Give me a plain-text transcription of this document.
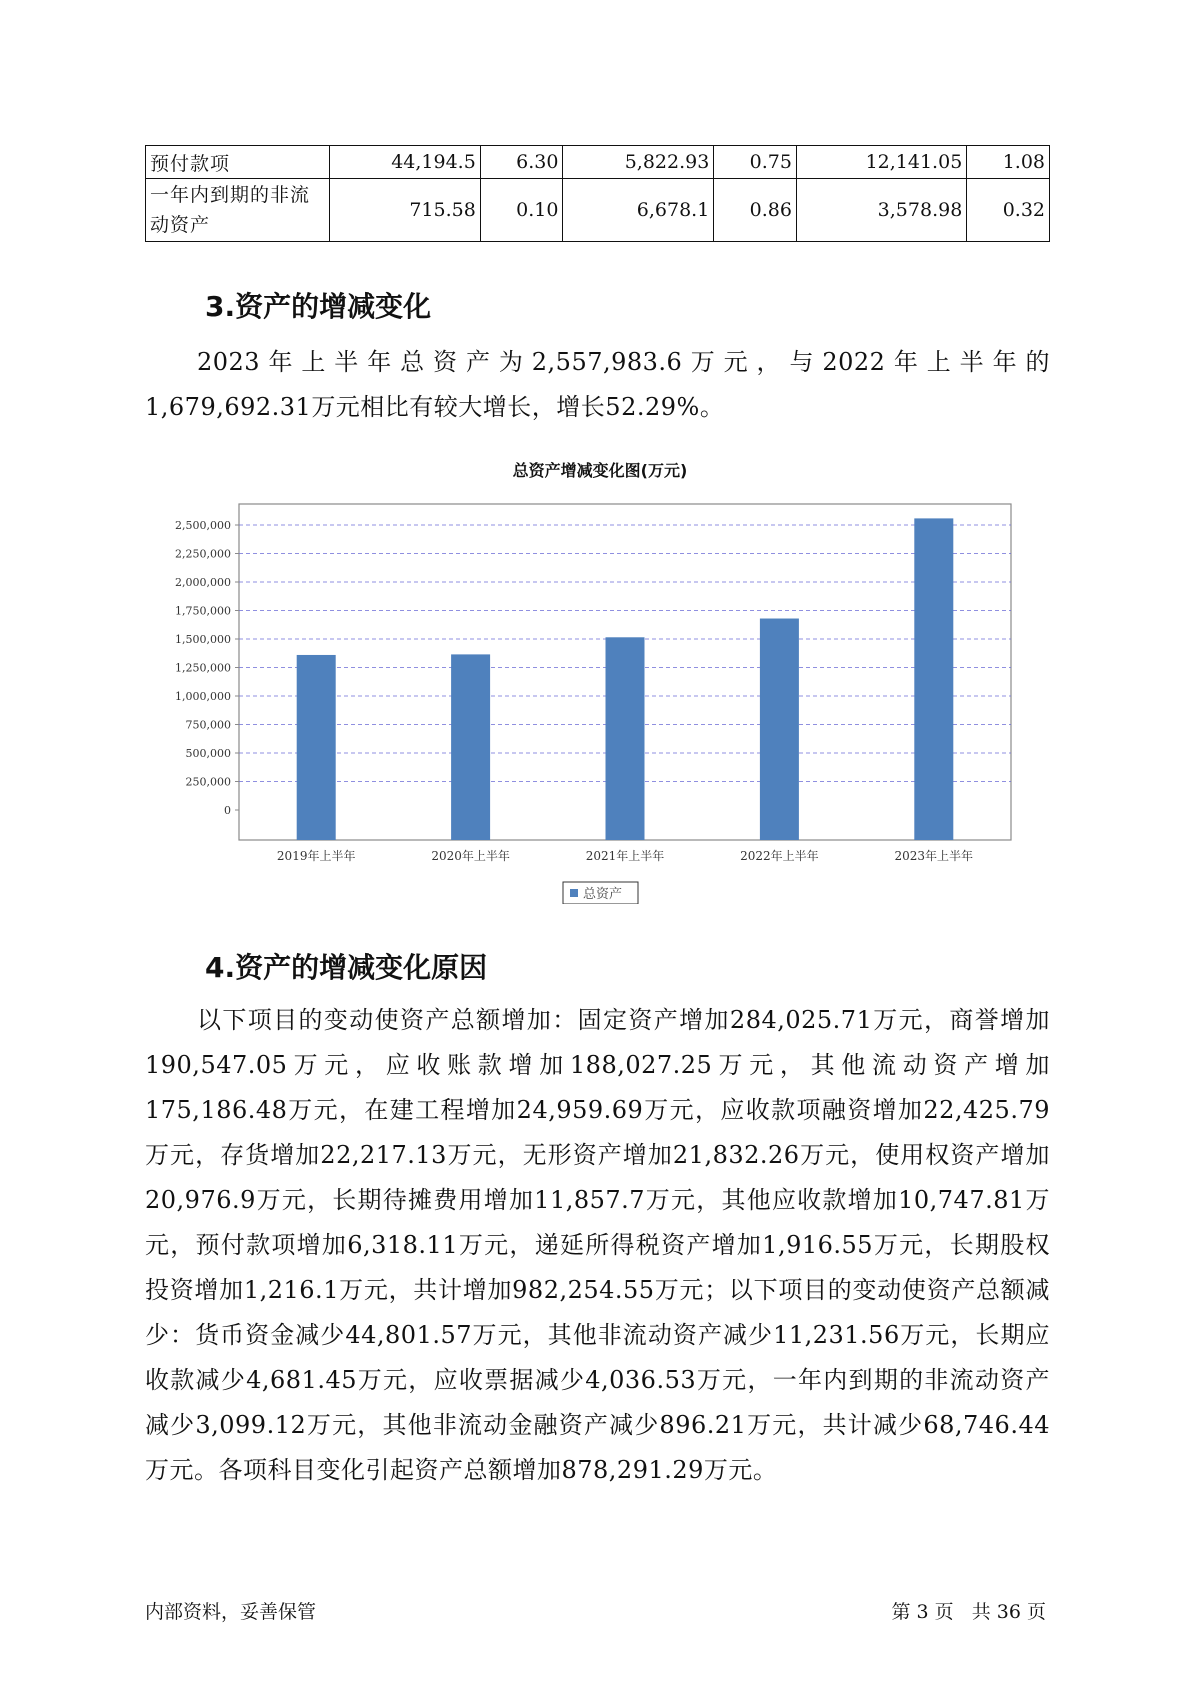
预付款项	44,194.5	6.30	5,822.93	0.75	12,141.05	1.08
一年内到期的非流
动资产	715.58	0.10	6,678.1	0.86	3,578.98	0.32
3.资产的增减变化

2023年上半年总资产为2,557,983.6万元，与2022年上半年的1,679,692.31万元相比有较大增长，增长52.29%。

总资产增减变化图(万元)
0
250,000
500,000
750,000
1,000,000
1,250,000
1,500,000
1,750,000
2,000,000
2,250,000
2,500,000
2019年上半年	2020年上半年	2021年上半年	2022年上半年	2023年上半年
总资产
4.资产的增减变化原因

以下项目的变动使资产总额增加：固定资产增加284,025.71万元，商誉增加190,547.05万元，应收账款增加188,027.25万元，其他流动资产增加175,186.48万元，在建工程增加24,959.69万元，应收款项融资增加22,425.79万元，存货增加22,217.13万元，无形资产增加21,832.26万元，使用权资产增加20,976.9万元，长期待摊费用增加11,857.7万元，其他应收款增加10,747.81万元，预付款项增加6,318.11万元，递延所得税资产增加1,916.55万元，长期股权投资增加1,216.1万元，共计增加982,254.55万元；以下项目的变动使资产总额减少：货币资金减少44,801.57万元，其他非流动资产减少11,231.56万元，长期应收款减少4,681.45万元，应收票据减少4,036.53万元，一年内到期的非流动资产减少3,099.12万元，其他非流动金融资产减少896.21万元，共计减少68,746.44万元。各项科目变化引起资产总额增加878,291.29万元。

内部资料，妥善保管	第 3 页   共 36 页
